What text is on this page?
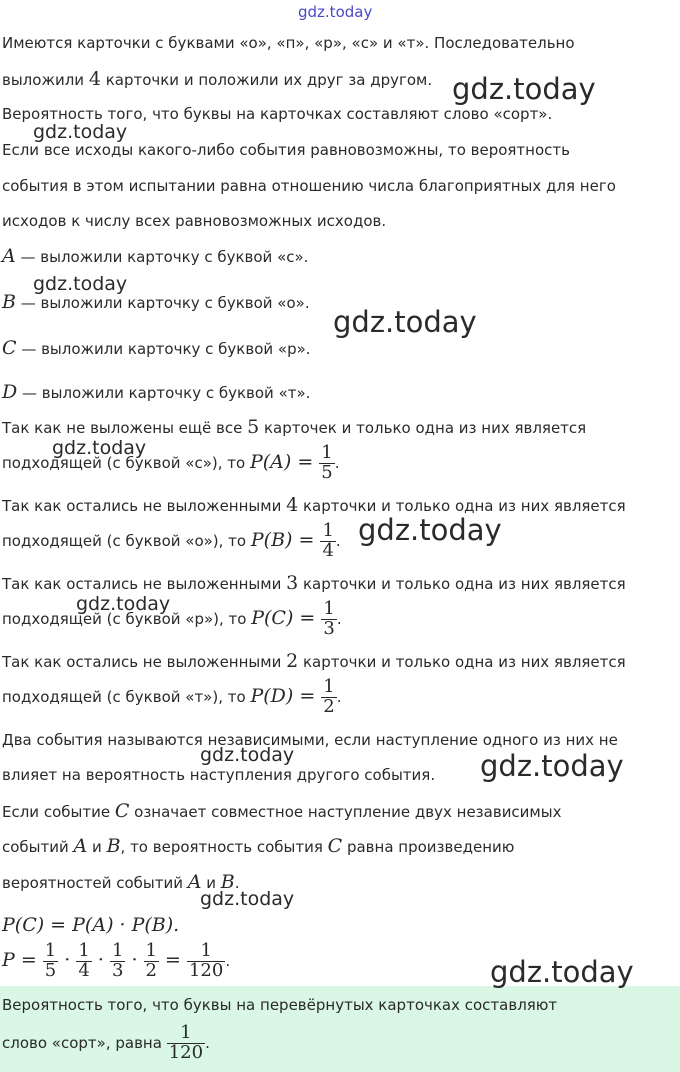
gdz.today
Имеются карточки с буквами «о», «п», «р», «с» и «т». Последовательно
выложили 4 карточки и положили их друг за другом.
Вероятность того, что буквы на карточках составляют слово «сорт».
Если все исходы какого-либо события равновозможны, то вероятность
события в этом испытании равна отношению числа благоприятных для него
исходов к числу всех равновозможных исходов.
A — выложили карточку с буквой «с».
B — выложили карточку с буквой «о».
C — выложили карточку с буквой «р».
D — выложили карточку с буквой «т».
Так как не выложены ещё все 5 карточек и только одна из них является
подходящей (с буквой «с»), то $P(A) = \frac{1}{5}$ .
Так как остались не выложенными 4 карточки и только одна из них является
подходящей (с буквой «о»), то $P(B) = \frac{1}{4}$ .
Так как остались не выложенными 3 карточки и только одна из них является
подходящей (с буквой «р»), то $P(C) = \frac{1}{3}$ .
Так как остались не выложенными 2 карточки и только одна из них является
подходящей (с буквой «т»), то $P(D) = \frac{1}{2}$ .
Два события называются независимыми, если наступление одного из них не
влияет на вероятность наступления другого события.
Если событие C означает совместное наступление двух независимых
событий A и B, то вероятность события C равна произведению
вероятностей событий A и B.
P(C) = P(A) · P(B).
$P = \frac{1}{5} \cdot \frac{1}{4} \cdot \frac{1}{3} \cdot \frac{1}{2} = \frac{1}{120}$ .
Вероятность того, что буквы на перевёрнутых карточках составляют
слово «сорт», равна $\frac{1}{120}$ .
gdz.today
gdz.today
gdz.today
gdz.today
gdz.today
gdz.today
gdz.today
gdz.today	gdz.today
gdz.today
gdz.today
